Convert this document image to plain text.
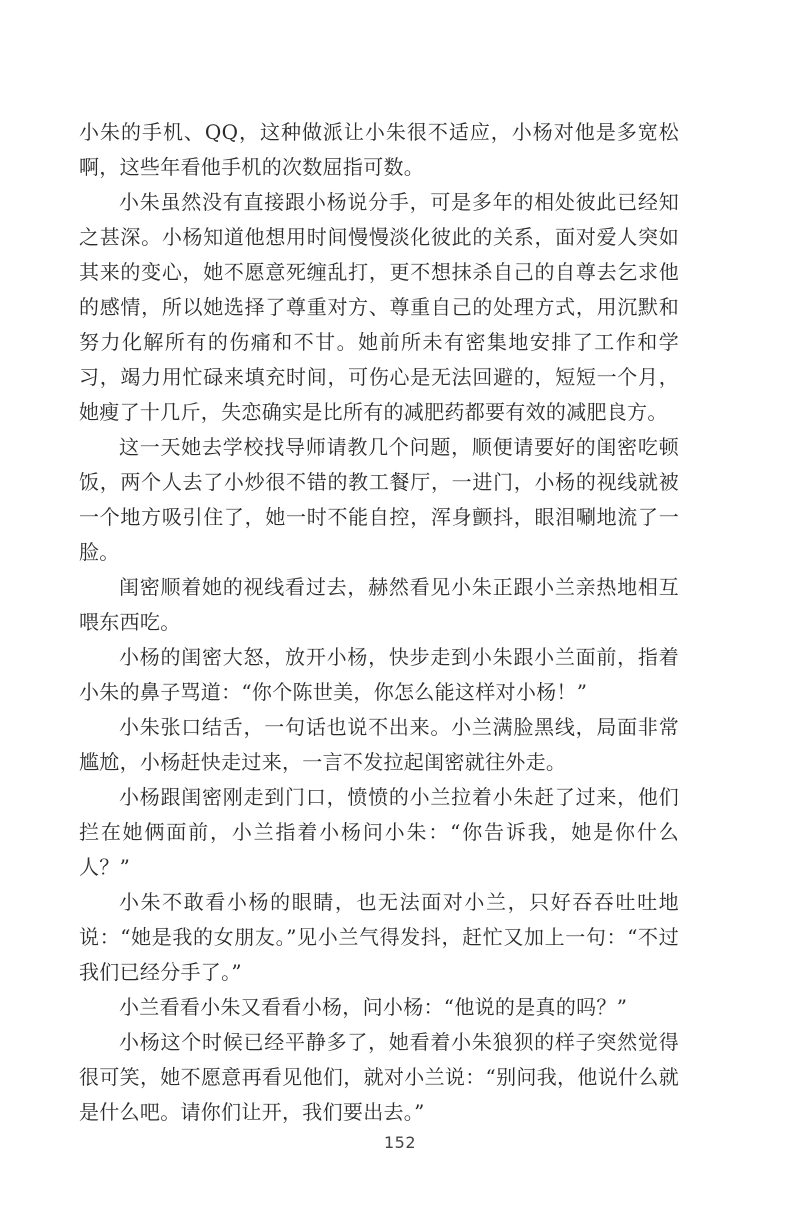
小朱的手机、QQ，这种做派让小朱很不适应，小杨对他是多宽松啊，这些年看他手机的次数屈指可数。

小朱虽然没有直接跟小杨说分手，可是多年的相处彼此已经知之甚深。小杨知道他想用时间慢慢淡化彼此的关系，面对爱人突如其来的变心，她不愿意死缠乱打，更不想抹杀自己的自尊去乞求他的感情，所以她选择了尊重对方、尊重自己的处理方式，用沉默和努力化解所有的伤痛和不甘。她前所未有密集地安排了工作和学习，竭力用忙碌来填充时间，可伤心是无法回避的，短短一个月，她瘦了十几斤，失恋确实是比所有的减肥药都要有效的减肥良方。

这一天她去学校找导师请教几个问题，顺便请要好的闺密吃顿饭，两个人去了小炒很不错的教工餐厅，一进门，小杨的视线就被一个地方吸引住了，她一时不能自控，浑身颤抖，眼泪唰地流了一脸。

闺密顺着她的视线看过去，赫然看见小朱正跟小兰亲热地相互喂东西吃。

小杨的闺密大怒，放开小杨，快步走到小朱跟小兰面前，指着小朱的鼻子骂道：“你个陈世美，你怎么能这样对小杨！”

小朱张口结舌，一句话也说不出来。小兰满脸黑线，局面非常尴尬，小杨赶快走过来，一言不发拉起闺密就往外走。

小杨跟闺密刚走到门口，愤愤的小兰拉着小朱赶了过来，他们拦在她俩面前，小兰指着小杨问小朱：“你告诉我，她是你什么人？”

小朱不敢看小杨的眼睛，也无法面对小兰，只好吞吞吐吐地说：“她是我的女朋友。”见小兰气得发抖，赶忙又加上一句：“不过我们已经分手了。”

小兰看看小朱又看看小杨，问小杨：“他说的是真的吗？”

小杨这个时候已经平静多了，她看着小朱狼狈的样子突然觉得很可笑，她不愿意再看见他们，就对小兰说：“别问我，他说什么就是什么吧。请你们让开，我们要出去。”

152
